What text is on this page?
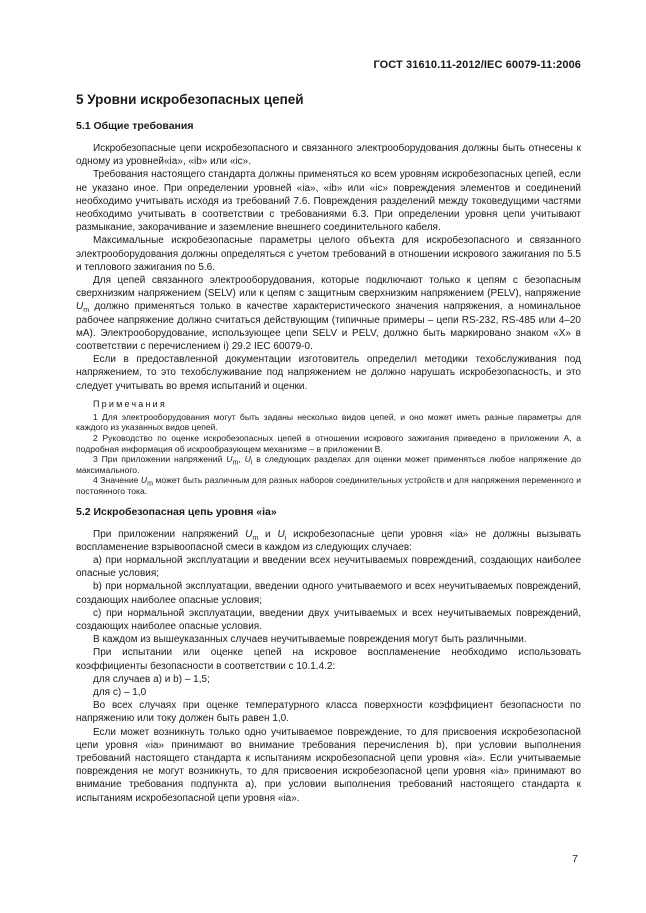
ГОСТ 31610.11-2012/IEC 60079-11:2006
5 Уровни искробезопасных цепей
5.1 Общие требования

Искробезопасные цепи искробезопасного и связанного электрооборудования должны быть отнесены к одному из уровней«ia», «ib» или «ic».

Требования настоящего стандарта должны применяться ко всем уровням искробезопасных цепей, если не указано иное. При определении уровней «ia», «ib» или «ic» повреждения элементов и соединений необходимо учитывать исходя из требований 7.6. Повреждения разделений между токоведущими частями необходимо учитывать в соответствии с требованиями 6.3. При определении уровня цепи учитывают размыкание, закорачивание и заземление внешнего соединительного кабеля.

Максимальные искробезопасные параметры целого объекта для искробезопасного и связанного электрооборудования должны определяться с учетом требований в отношении искрового зажигания по 5.5 и теплового зажигания по 5.6.

Для цепей связанного электрооборудования, которые подключают только к цепям с безопасным сверхнизким напряжением (SELV) или к цепям с защитным сверхнизким напряжением (PELV), напряжение $U_m$ должно применяться только в качестве характеристического значения напряжения, а номинальное рабочее напряжение должно считаться действующим (типичные примеры – цепи RS-232, RS-485 или 4–20 мА). Электрооборудование, использующее цепи SELV и PELV, должно быть маркировано знаком «X» в соответствии с перечислением i) 29.2 IEC 60079-0.

Если в предоставленной документации изготовитель определил методики техобслуживания под напряжением, то это техобслуживание под напряжением не должно нарушать искробезопасность, и это следует учитывать во время испытаний и оценки.

Примечания

1 Для электрооборудования могут быть заданы несколько видов цепей, и оно может иметь разные параметры для каждого из указанных видов цепей.

2 Руководство по оценке искробезопасных цепей в отношении искрового зажигания приведено в приложении А, а подробная информация об искрообразующем механизме – в приложении В.

3 При приложении напряжений $U_m$, $U_i$ в следующих разделах для оценки может применяться любое напряжение до максимального.

4 Значение $U_m$ может быть различным для разных наборов соединительных устройств и для напряжения переменного и постоянного тока.

5.2 Искробезопасная цепь уровня «ia»

При приложении напряжений $U_m$ и $U_i$ искробезопасные цепи уровня «ia» не должны вызывать воспламенение взрывоопасной смеси в каждом из следующих случаев:

а) при нормальной эксплуатации и введении всех неучитываемых повреждений, создающих наиболее опасные условия;

b) при нормальной эксплуатации, введении одного учитываемого и всех неучитываемых повреждений, создающих наиболее опасные условия;

с) при нормальной эксплуатации, введении двух учитываемых и всех неучитываемых повреждений, создающих наиболее опасные условия.

В каждом из вышеуказанных случаев неучитываемые повреждения могут быть различными.

При испытании или оценке цепей на искровое воспламенение необходимо использовать коэффициенты безопасности в соответствии с 10.1.4.2:

для случаев а) и b) – 1,5;

для с) – 1,0

Во всех случаях при оценке температурного класса поверхности коэффициент безопасности по напряжению или току должен быть равен 1,0.

Если может возникнуть только одно учитываемое повреждение, то для присвоения искробезопасной цепи уровня «ia» принимают во внимание требования перечисления b), при условии выполнения требований настоящего стандарта к испытаниям искробезопасной цепи уровня «ia». Если учитываемые повреждения не могут возникнуть, то для присвоения искробезопасной цепи уровня «ia» принимают во внимание требования подпункта а), при условии выполнения требований настоящего стандарта к испытаниям искробезопасной цепи уровня «ia».

7
